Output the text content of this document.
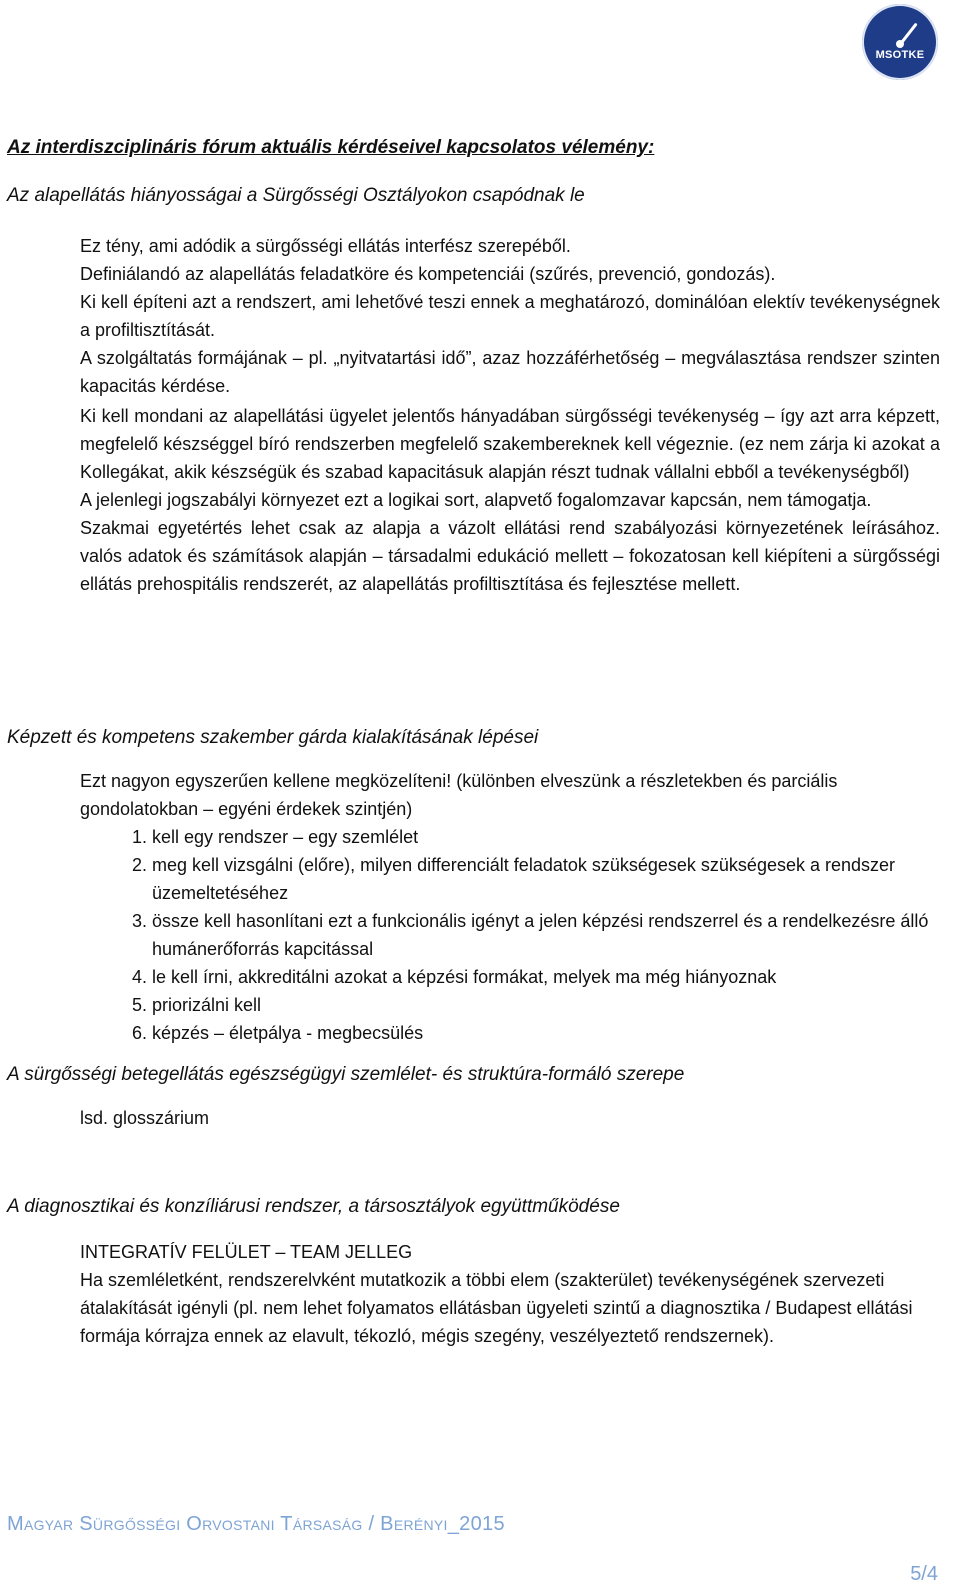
MSOTKE
Az interdiszciplináris fórum aktuális kérdéseivel kapcsolatos vélemény:
Az alapellátás hiányosságai a Sürgősségi Osztályokon csapódnak le
Ez tény, ami adódik a sürgősségi ellátás interfész szerepéből.
Definiálandó az alapellátás feladatköre és kompetenciái (szűrés, prevenció, gondozás).
Ki kell építeni azt a rendszert, ami lehetővé teszi ennek a meghatározó, dominálóan elektív tevékenységnek a profiltisztítását.
A szolgáltatás formájának – pl. „nyitvatartási idő”, azaz hozzáférhetőség – megválasztása rendszer szinten kapacitás kérdése.

Ki kell mondani az alapellátási ügyelet jelentős hányadában sürgősségi tevékenység – így azt arra képzett, megfelelő készséggel bíró rendszerben megfelelő szakembereknek kell végeznie. (ez nem zárja ki azokat a Kollegákat, akik készségük és szabad kapacitásuk alapján részt tudnak vállalni ebből a tevékenységből)

A jelenlegi jogszabályi környezet ezt a logikai sort, alapvető fogalomzavar kapcsán, nem támogatja.

Szakmai egyetértés lehet csak az alapja a vázolt ellátási rend szabályozási környezetének leírásához. valós adatok és számítások alapján – társadalmi edukáció mellett – fokozatosan kell kiépíteni a sürgősségi ellátás prehospitális rendszerét, az alapellátás profiltisztítása és fejlesztése mellett.

Képzett és kompetens szakember gárda kialakításának lépései
Ezt nagyon egyszerűen kellene megközelíteni! (különben elveszünk a részletekben és parciális gondolatokban – egyéni érdekek szintjén)
1. kell egy rendszer – egy szemlélet
2. meg kell vizsgálni (előre), milyen differenciált feladatok szükségesek szükségesek a rendszer üzemeltetéséhez
3. össze kell hasonlítani ezt a funkcionális igényt a jelen képzési rendszerrel és a rendelkezésre álló humánerőforrás kapcitással
4. le kell írni, akkreditálni azokat a képzési formákat, melyek ma még hiányoznak
5. priorizálni kell
6. képzés – életpálya - megbecsülés
A sürgősségi betegellátás egészségügyi szemlélet- és struktúra-formáló szerepe
lsd. glosszárium
A diagnosztikai és konzíliárusi rendszer, a társosztályok együttműködése
INTEGRATÍV FELÜLET – TEAM JELLEG
Ha szemléletként, rendszerelvként mutatkozik a többi elem (szakterület) tevékenységének szervezeti átalakítását igényli (pl. nem lehet folyamatos ellátásban ügyeleti szintű a diagnosztika / Budapest ellátási formája kórrajza ennek az elavult, tékozló, mégis szegény, veszélyeztető rendszernek).
Magyar Sürgősségi Orvostani Társaság / Berényi_2015
5/4
